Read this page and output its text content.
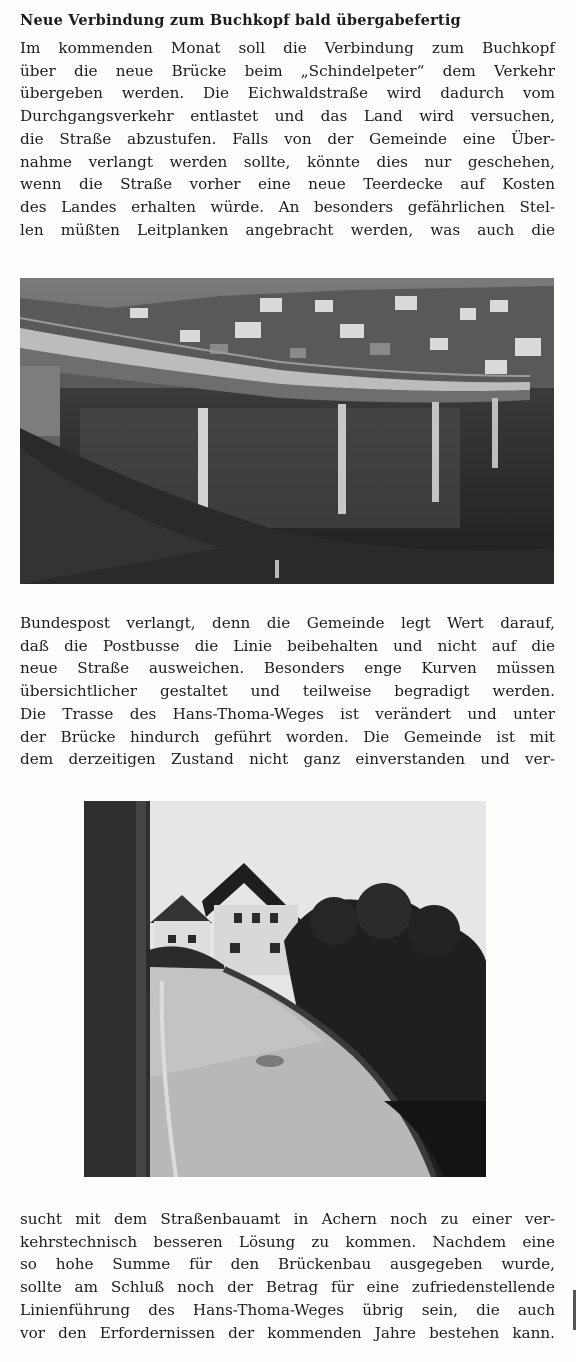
Neue Verbindung zum Buchkopf bald übergabefertig
Im kommenden Monat soll die Verbindung zum Buchkopf
über die neue Brücke beim „Schindelpeter“ dem Verkehr
übergeben werden. Die Eichwaldstraße wird dadurch vom
Durchgangsverkehr entlastet und das Land wird versuchen,
die Straße abzustufen. Falls von der Gemeinde eine Über-
nahme verlangt werden sollte, könnte dies nur geschehen,
wenn die Straße vorher eine neue Teerdecke auf Kosten
des Landes erhalten würde. An besonders gefährlichen Stel-
len müßten Leitplanken angebracht werden, was auch die
Bundespost verlangt, denn die Gemeinde legt Wert darauf,
daß die Postbusse die Linie beibehalten und nicht auf die
neue Straße ausweichen. Besonders enge Kurven müssen
übersichtlicher gestaltet und teilweise begradigt werden.
Die Trasse des Hans-Thoma-Weges ist verändert und unter
der Brücke hindurch geführt worden. Die Gemeinde ist mit
dem derzeitigen Zustand nicht ganz einverstanden und ver-
sucht mit dem Straßenbauamt in Achern noch zu einer ver-
kehrstechnisch besseren Lösung zu kommen. Nachdem eine
so hohe Summe für den Brückenbau ausgegeben wurde,
sollte am Schluß noch der Betrag für eine zufriedenstellende
Linienführung des Hans-Thoma-Weges übrig sein, die auch
vor den Erfordernissen der kommenden Jahre bestehen kann.
